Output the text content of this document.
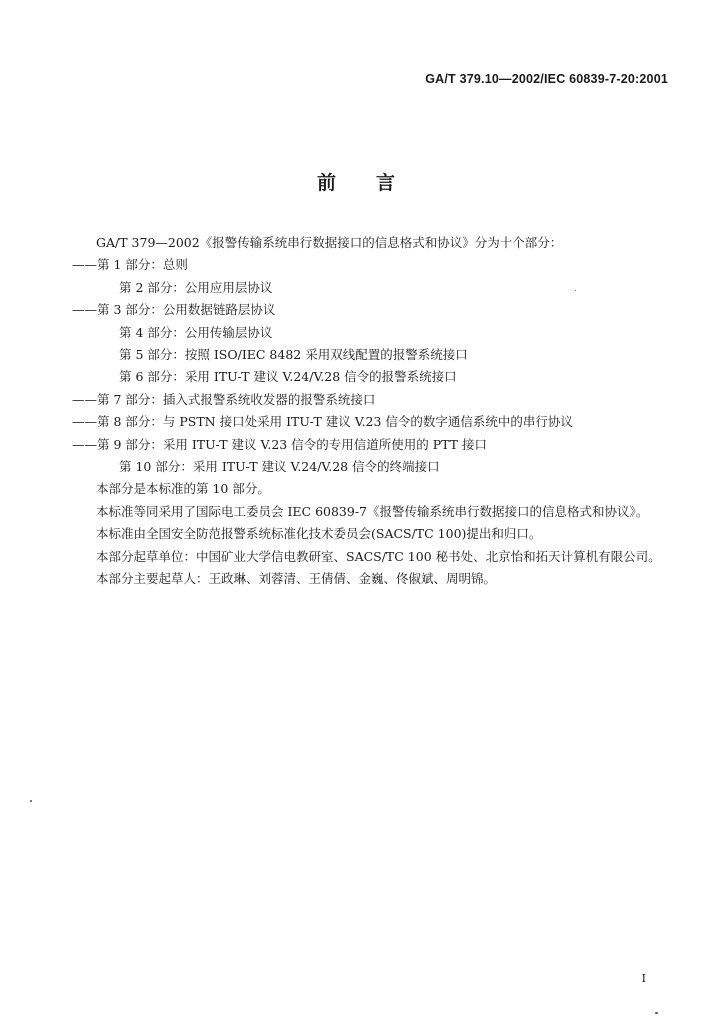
GA/T 379.10—2002/IEC 60839-7-20:2001
前 言
GA/T 379—2002《报警传输系统串行数据接口的信息格式和协议》分为十个部分：
——第 1 部分：总则
第 2 部分：公用应用层协议
——第 3 部分：公用数据链路层协议
第 4 部分：公用传输层协议
第 5 部分：按照 ISO/IEC 8482 采用双线配置的报警系统接口
第 6 部分：采用 ITU-T 建议 V.24/V.28 信令的报警系统接口
——第 7 部分：插入式报警系统收发器的报警系统接口
——第 8 部分：与 PSTN 接口处采用 ITU-T 建议 V.23 信令的数字通信系统中的串行协议
——第 9 部分：采用 ITU-T 建议 V.23 信令的专用信道所使用的 PTT 接口
第 10 部分：采用 ITU-T 建议 V.24/V.28 信令的终端接口
本部分是本标准的第 10 部分。
本标准等同采用了国际电工委员会 IEC 60839-7《报警传输系统串行数据接口的信息格式和协议》。
本标准由全国安全防范报警系统标准化技术委员会(SACS/TC 100)提出和归口。
本部分起草单位：中国矿业大学信电教研室、SACS/TC 100 秘书处、北京怡和拓天计算机有限公司。
本部分主要起草人：王政琳、刘蓉清、王倩倩、金巍、佟俶斌、周明锦。
I
